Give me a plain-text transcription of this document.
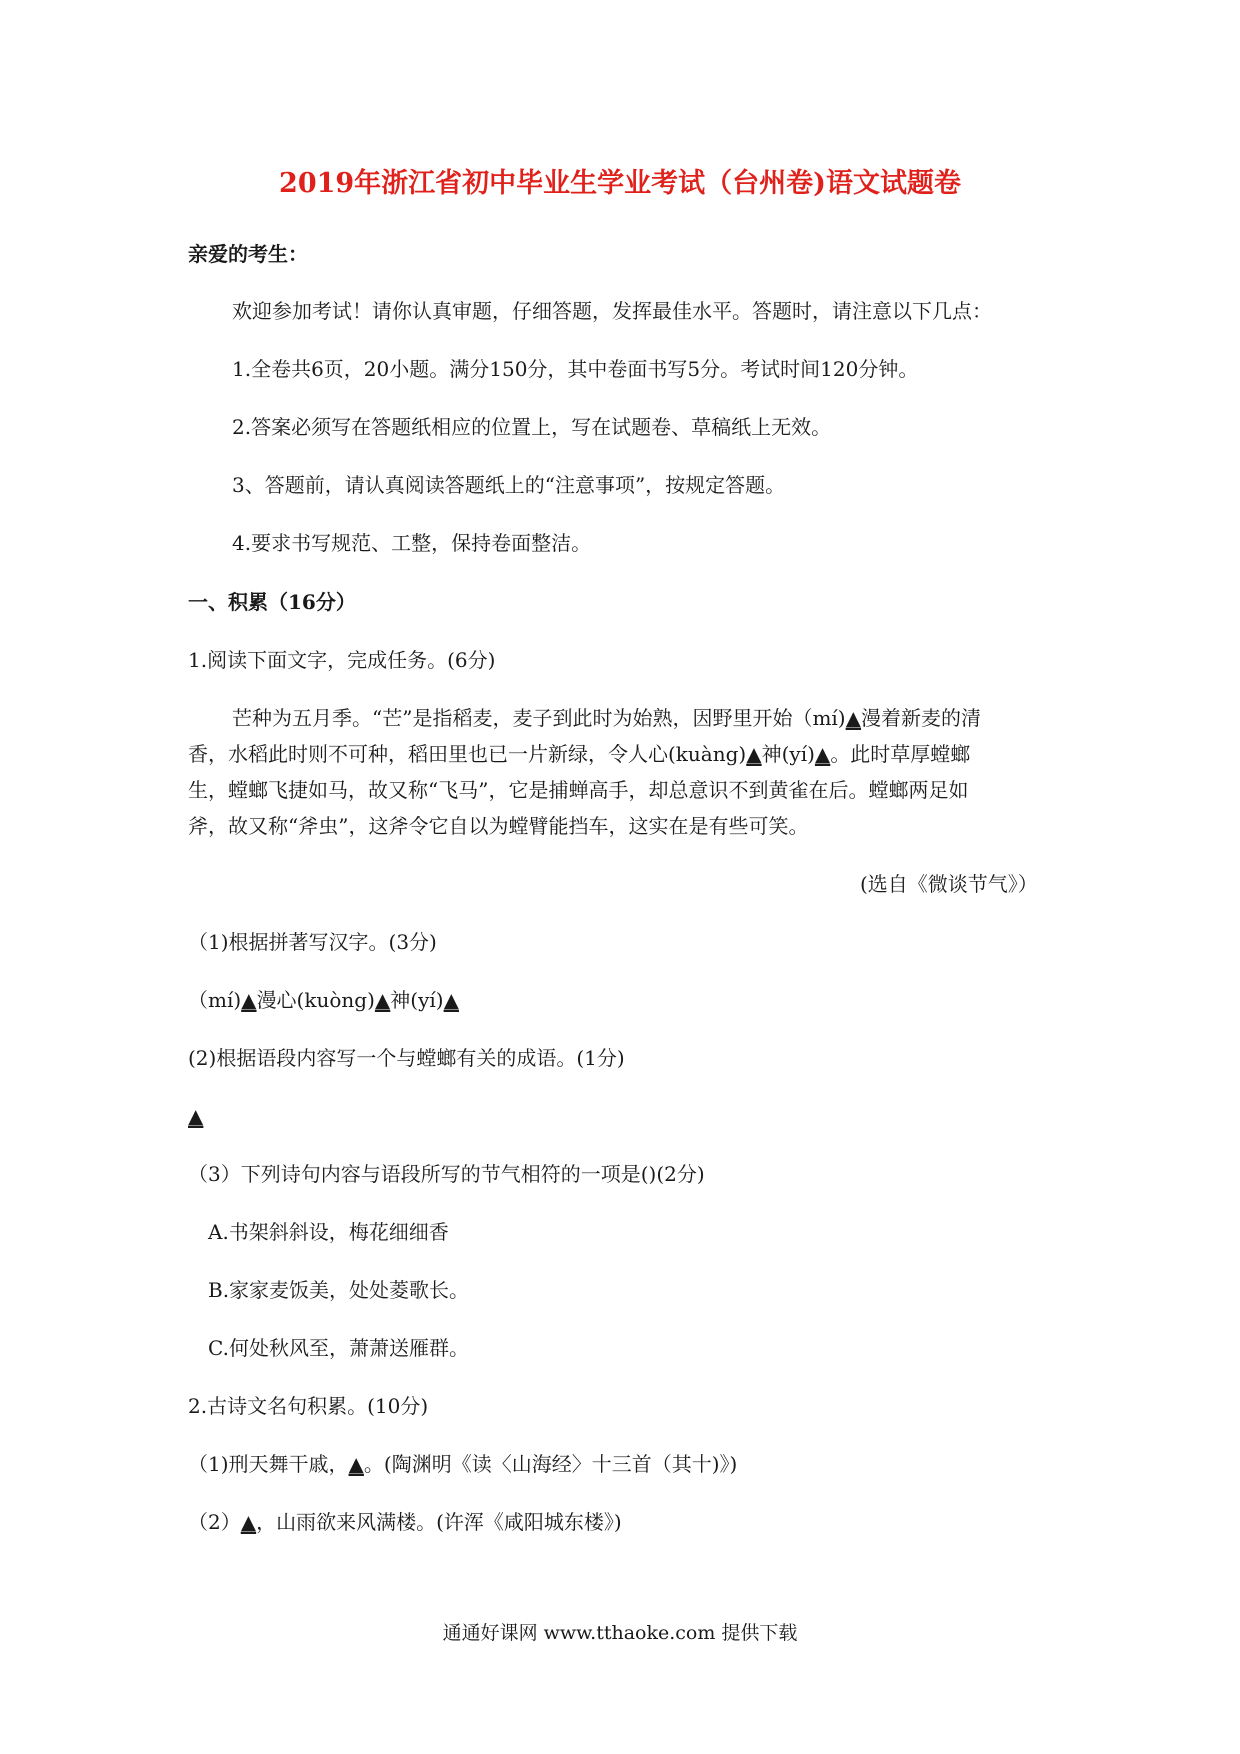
2019年浙江省初中毕业生学业考试（台州卷)语文试题卷
亲爱的考生：
欢迎参加考试！请你认真审题，仔细答题，发挥最佳水平。答题时，请注意以下几点：
1.全卷共6页，20小题。满分150分，其中卷面书写5分。考试时间120分钟。
2.答案必须写在答题纸相应的位置上，写在试题卷、草稿纸上无效。
3、答题前，请认真阅读答题纸上的“注意事项”，按规定答题。
4.要求书写规范、工整，保持卷面整洁。
一、积累（16分）
1.阅读下面文字，完成任务。(6分)
芒种为五月季。“芒”是指稻麦，麦子到此时为始熟，因野里开始（mí)▲漫着新麦的清
香，水稻此时则不可种，稻田里也已一片新绿，令人心(kuàng)▲神(yí)▲。此时草厚螳螂
生，螳螂飞捷如马，故又称“飞马”，它是捕蝉高手，却总意识不到黄雀在后。螳螂两足如
斧，故又称“斧虫”，这斧令它自以为螳臂能挡车，这实在是有些可笑。
(选自《微谈节气》）
（1)根据拼著写汉字。(3分)
（mí)▲漫心(kuòng)▲神(yí)▲
(2)根据语段内容写一个与螳螂有关的成语。(1分)
▲
（3）下列诗句内容与语段所写的节气相符的一项是()(2分)
A.书架斜斜设，梅花细细香
B.家家麦饭美，处处菱歌长。
C.何处秋风至，萧萧送雁群。
2.古诗文名句积累。(10分)
（1)刑天舞干戚，▲。(陶渊明《读〈山海经〉十三首（其十)》)
（2）▲，山雨欲来风满楼。(许浑《咸阳城东楼》)
通通好课网 www.tthaoke.com 提供下载
